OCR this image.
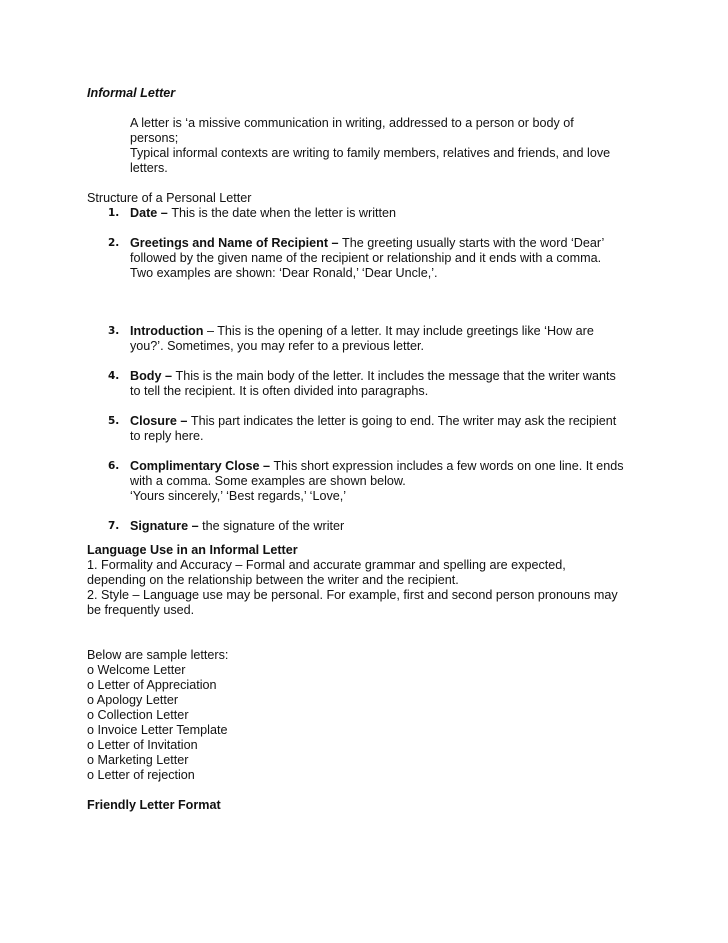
Informal Letter
A letter is ‘a missive communication in writing, addressed to a person or body of
persons;
Typical informal contexts are writing to family members, relatives and friends, and love
letters.
Structure of a Personal Letter
1. Date – This is the date when the letter is written
2. Greetings and Name of Recipient – The greeting usually starts with the word ‘Dear’
followed by the given name of the recipient or relationship and it ends with a comma.
Two examples are shown: ‘Dear Ronald,’ ‘Dear Uncle,’.
3. Introduction – This is the opening of a letter. It may include greetings like ‘How are
you?’. Sometimes, you may refer to a previous letter.
4. Body – This is the main body of the letter. It includes the message that the writer wants
to tell the recipient. It is often divided into paragraphs.
5. Closure – This part indicates the letter is going to end. The writer may ask the recipient
to reply here.
6. Complimentary Close – This short expression includes a few words on one line. It ends
with a comma. Some examples are shown below.
‘Yours sincerely,’ ‘Best regards,’ ‘Love,’
7. Signature – the signature of the writer
Language Use in an Informal Letter
1. Formality and Accuracy – Formal and accurate grammar and spelling are expected,
depending on the relationship between the writer and the recipient.
2. Style – Language use may be personal. For example, first and second person pronouns may
be frequently used.
Below are sample letters:
o Welcome Letter
o Letter of Appreciation
o Apology Letter
o Collection Letter
o Invoice Letter Template
o Letter of Invitation
o Marketing Letter
o Letter of rejection
Friendly Letter Format
